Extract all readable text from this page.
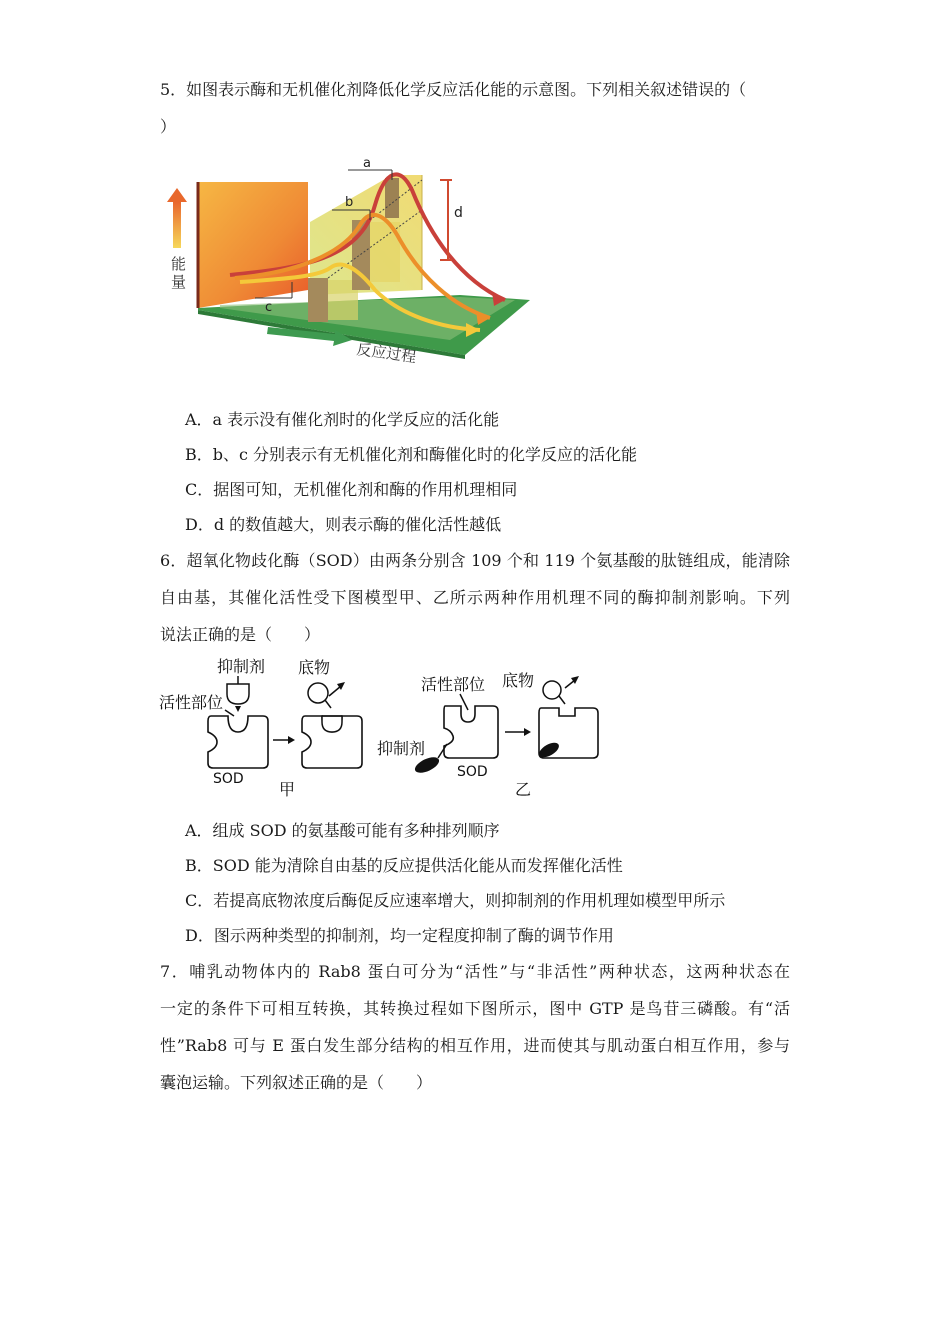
5．如图表示酶和无机催化剂降低化学反应活化能的示意图。下列相关叙述错误的（
）
能
量
a
b
c
d
反应过程
A．a 表示没有催化剂时的化学反应的活化能
B．b、c 分别表示有无机催化剂和酶催化时的化学反应的活化能
C．据图可知，无机催化剂和酶的作用机理相同
D．d 的数值越大，则表示酶的催化活性越低
6．超氧化物歧化酶（SOD）由两条分别含 109 个和 119 个氨基酸的肽链组成，能清除
自由基，其催化活性受下图模型甲、乙所示两种作用机理不同的酶抑制剂影响。下列
说法正确的是（　　）
抑制剂
活性部位
底物
SOD
甲
活性部位 底物
抑制剂
SOD
乙
A．组成 SOD 的氨基酸可能有多种排列顺序
B．SOD 能为清除自由基的反应提供活化能从而发挥催化活性
C．若提高底物浓度后酶促反应速率增大，则抑制剂的作用机理如模型甲所示
D．图示两种类型的抑制剂，均一定程度抑制了酶的调节作用
7．哺乳动物体内的 Rab8 蛋白可分为“活性”与“非活性”两种状态，这两种状态在
一定的条件下可相互转换，其转换过程如下图所示，图中 GTP 是鸟苷三磷酸。有“活
性”Rab8 可与 E 蛋白发生部分结构的相互作用，进而使其与肌动蛋白相互作用，参与
囊泡运输。下列叙述正确的是（　　）
